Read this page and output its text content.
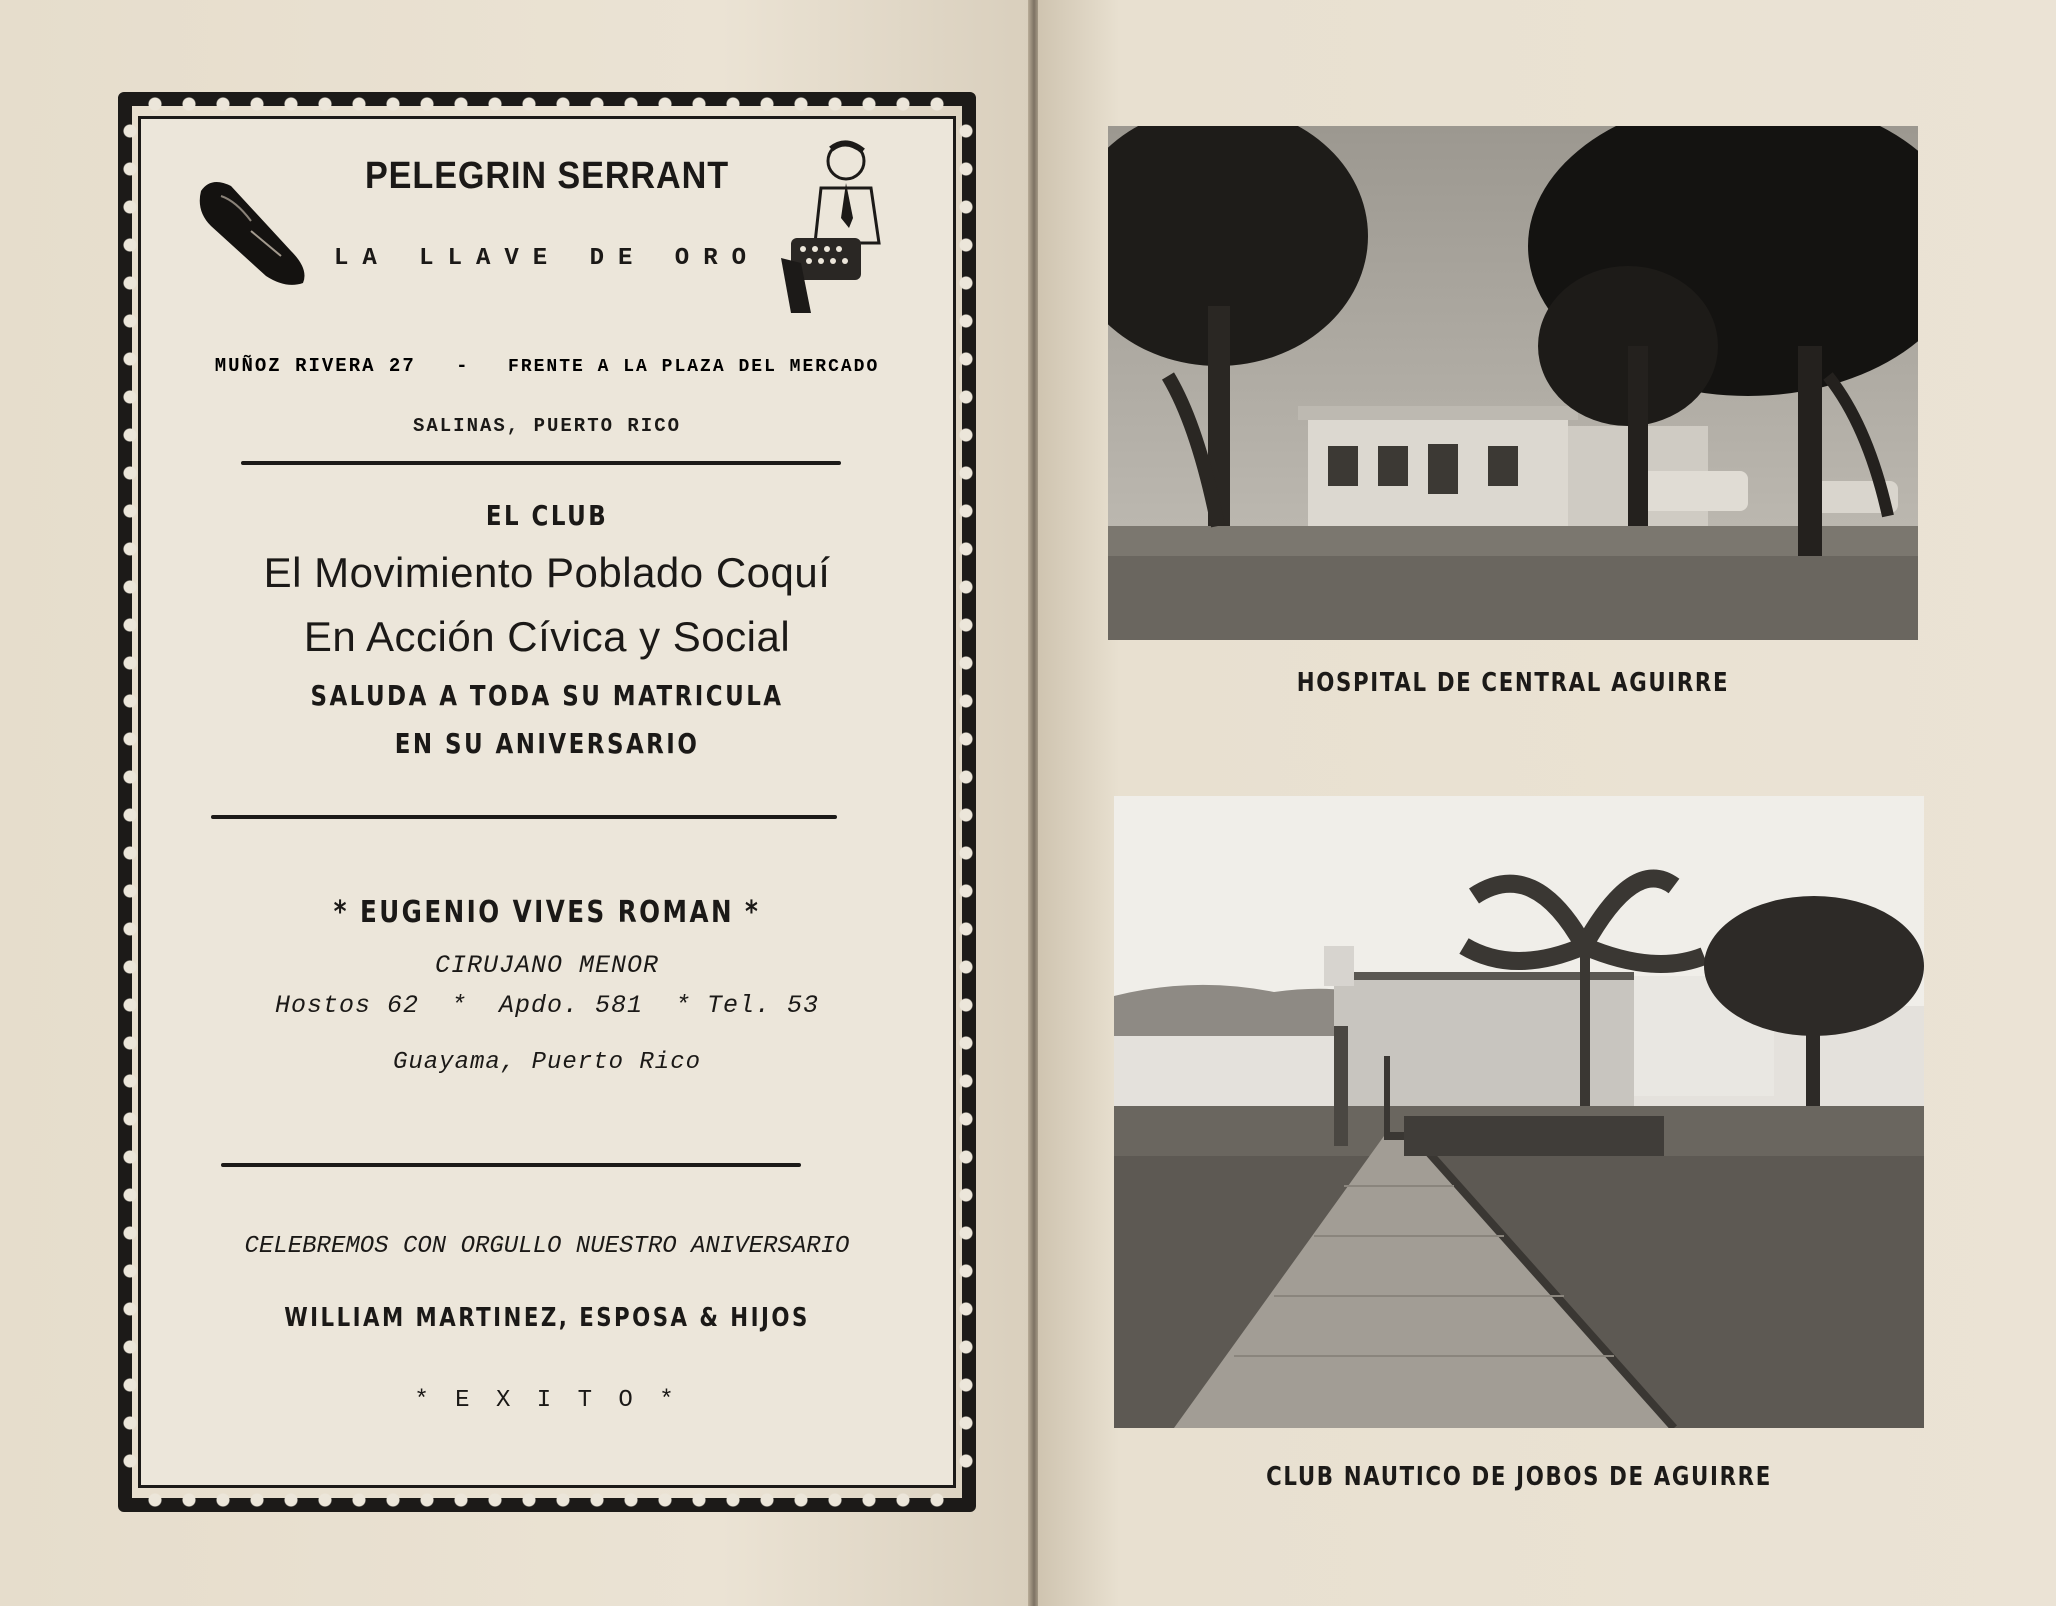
PELEGRIN SERRANT
LA LLAVE DE ORO
MUÑOZ RIVERA 27 - FRENTE A LA PLAZA DEL MERCADO
SALINAS, PUERTO RICO
EL CLUB
El Movimiento Poblado Coquí
En Acción Cívica y Social
SALUDA A TODA SU MATRICULA
EN SU ANIVERSARIO
* EUGENIO VIVES ROMAN *
CIRUJANO MENOR
Hostos 62  *  Apdo. 581  * Tel. 53
Guayama, Puerto Rico
CELEBREMOS CON ORGULLO NUESTRO ANIVERSARIO
WILLIAM MARTINEZ, ESPOSA & HIJOS
* E X I T O *
HOSPITAL DE CENTRAL AGUIRRE
CLUB NAUTICO DE JOBOS DE AGUIRRE
